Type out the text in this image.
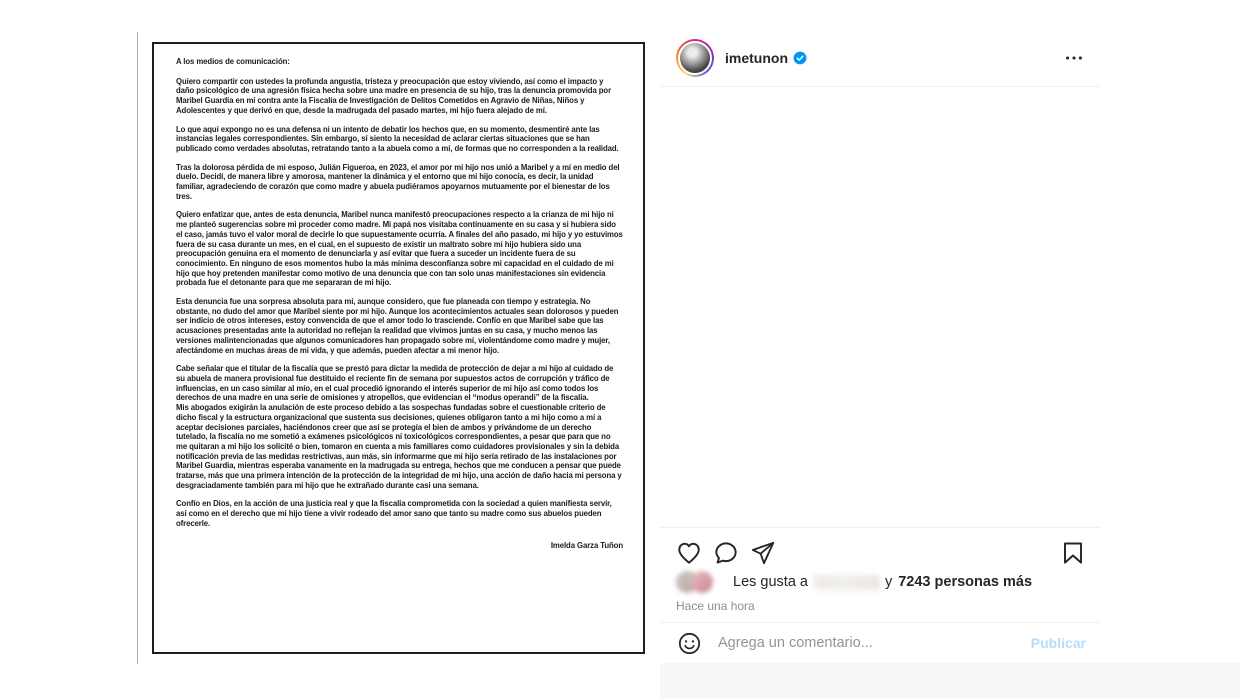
A los medios de comunicación:
Quiero compartir con ustedes la profunda angustia, tristeza y preocupación que estoy viviendo, así como el impacto y daño psicológico de una agresión física hecha sobre una madre en presencia de su hijo, tras la denuncia promovida por Maribel Guardia en mi contra ante la Fiscalía de Investigación de Delitos Cometidos en Agravio de Niñas, Niños y Adolescentes y que derivó en que, desde la madrugada del pasado martes, mi hijo fuera alejado de mí.
Lo que aquí expongo no es una defensa ni un intento de debatir los hechos que, en su momento, desmentiré ante las instancias legales correspondientes. Sin embargo, sí siento la necesidad de aclarar ciertas situaciones que se han publicado como verdades absolutas, retratando tanto a la abuela como a mí, de formas que no corresponden a la realidad.
Tras la dolorosa pérdida de mi esposo, Julián Figueroa, en 2023, el amor por mi hijo nos unió a Maribel y a mí en medio del duelo. Decidí, de manera libre y amorosa, mantener la dinámica y el entorno que mi hijo conocía, es decir, la unidad familiar, agradeciendo de corazón que como madre y abuela pudiéramos apoyarnos mutuamente por el bienestar de los tres.
Quiero enfatizar que, antes de esta denuncia, Maribel nunca manifestó preocupaciones respecto a la crianza de mi hijo ni me planteó sugerencias sobre mi proceder como madre. Mi papá nos visitaba continuamente en su casa y si hubiera sido el caso, jamás tuvo el valor moral de decirle lo que supuestamente ocurría. A finales del año pasado, mi hijo y yo estuvimos fuera de su casa durante un mes, en el cual, en el supuesto de existir un maltrato sobre mi hijo hubiera sido una preocupación genuina era el momento de denunciarla y así evitar que fuera a suceder un incidente fuera de su conocimiento. En ninguno de esos momentos hubo la más mínima desconfianza sobre mi capacidad en el cuidado de mi hijo que hoy pretenden manifestar como motivo de una denuncia que con tan solo unas manifestaciones sin evidencia probada fue el detonante para que me separaran de mi hijo.
Esta denuncia fue una sorpresa absoluta para mí, aunque considero, que fue planeada con tiempo y estrategia. No obstante, no dudo del amor que Maribel siente por mi hijo. Aunque los acontecimientos actuales sean dolorosos y pueden ser indicio de otros intereses, estoy convencida de que el amor todo lo trasciende. Confío en que Maribel sabe que las acusaciones presentadas ante la autoridad no reflejan la realidad que vivimos juntas en su casa, y mucho menos las versiones malintencionadas que algunos comunicadores han propagado sobre mí, violentándome como madre y mujer, afectándome en muchas áreas de mi vida, y que además, pueden afectar a mi menor hijo.
Cabe señalar que el titular de la fiscalía que se prestó para dictar la medida de protección de dejar a mi hijo al cuidado de su abuela de manera provisional fue destituido el reciente fin de semana por supuestos actos de corrupción y tráfico de influencias, en un caso similar al mío, en el cual procedió ignorando el interés superior de mi hijo así como todos los derechos de una madre en una serie de omisiones y atropellos, que evidencian el “modus operandi” de la fiscalía.
Mis abogados exigirán la anulación de este proceso debido a las sospechas fundadas sobre el cuestionable criterio de dicho fiscal y la estructura organizacional que sustenta sus decisiones, quienes obligaron tanto a mi hijo como a mí a aceptar decisiones parciales, haciéndonos creer que así se protegía el bien de ambos y privándome de un derecho tutelado, la fiscalía no me sometió a exámenes psicológicos ni toxicológicos correspondientes, a pesar que para que no me quitaran a mi hijo los solicité o bien, tomaron en cuenta a mis familiares como cuidadores provisionales y sin la debida notificación previa de las medidas restrictivas, aun más, sin informarme que mi hijo sería retirado de las instalaciones por Maribel Guardia, mientras esperaba vanamente en la madrugada su entrega, hechos que me conducen a pensar que puede tratarse, más que una primera intención de la protección de la integridad de mi hijo, una acción de daño hacia mi persona y desgraciadamente también para mi hijo que he extrañado durante casi una semana.
Confío en Dios, en la acción de una justicia real y que la fiscalía comprometida con la sociedad a quien manifiesta servir, así como en el derecho que mi hijo tiene a vivir rodeado del amor sano que tanto su madre como sus abuelos pueden ofrecerle.
Imelda Garza Tuñon
imetunon
Les gusta a	y 7243 personas más
Hace una hora
Agrega un comentario...
Publicar
